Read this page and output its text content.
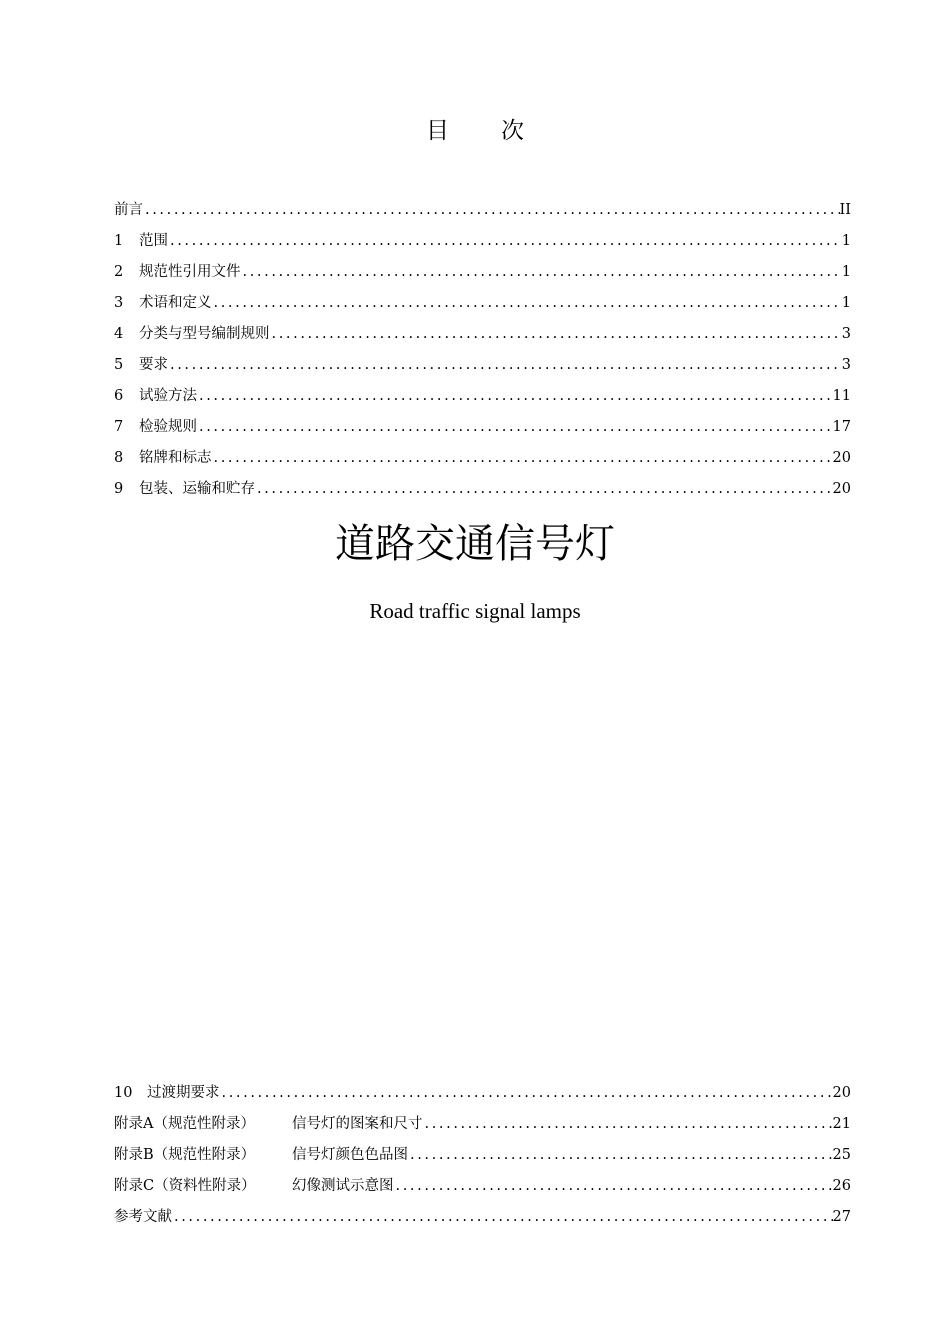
目 次
前言 .....	II
1	范围 .....	1
2	规范性引用文件 .....	1
3	术语和定义 .....	1
4	分类与型号编制规则 .....	3
5	要求 .....	3
6	试验方法 .....	11
7	检验规则 .....	17
8	铭牌和标志 .....	20
9	包装、运输和贮存 .....	20
道路交通信号灯
Road traffic signal lamps
10	过渡期要求 .....	20
附录A（规范性附录）	信号灯的图案和尺寸 .....	21
附录B（规范性附录）	信号灯颜色色品图 .....	25
附录C（资料性附录）	幻像测试示意图 .....	26
参考文献 .....	27
